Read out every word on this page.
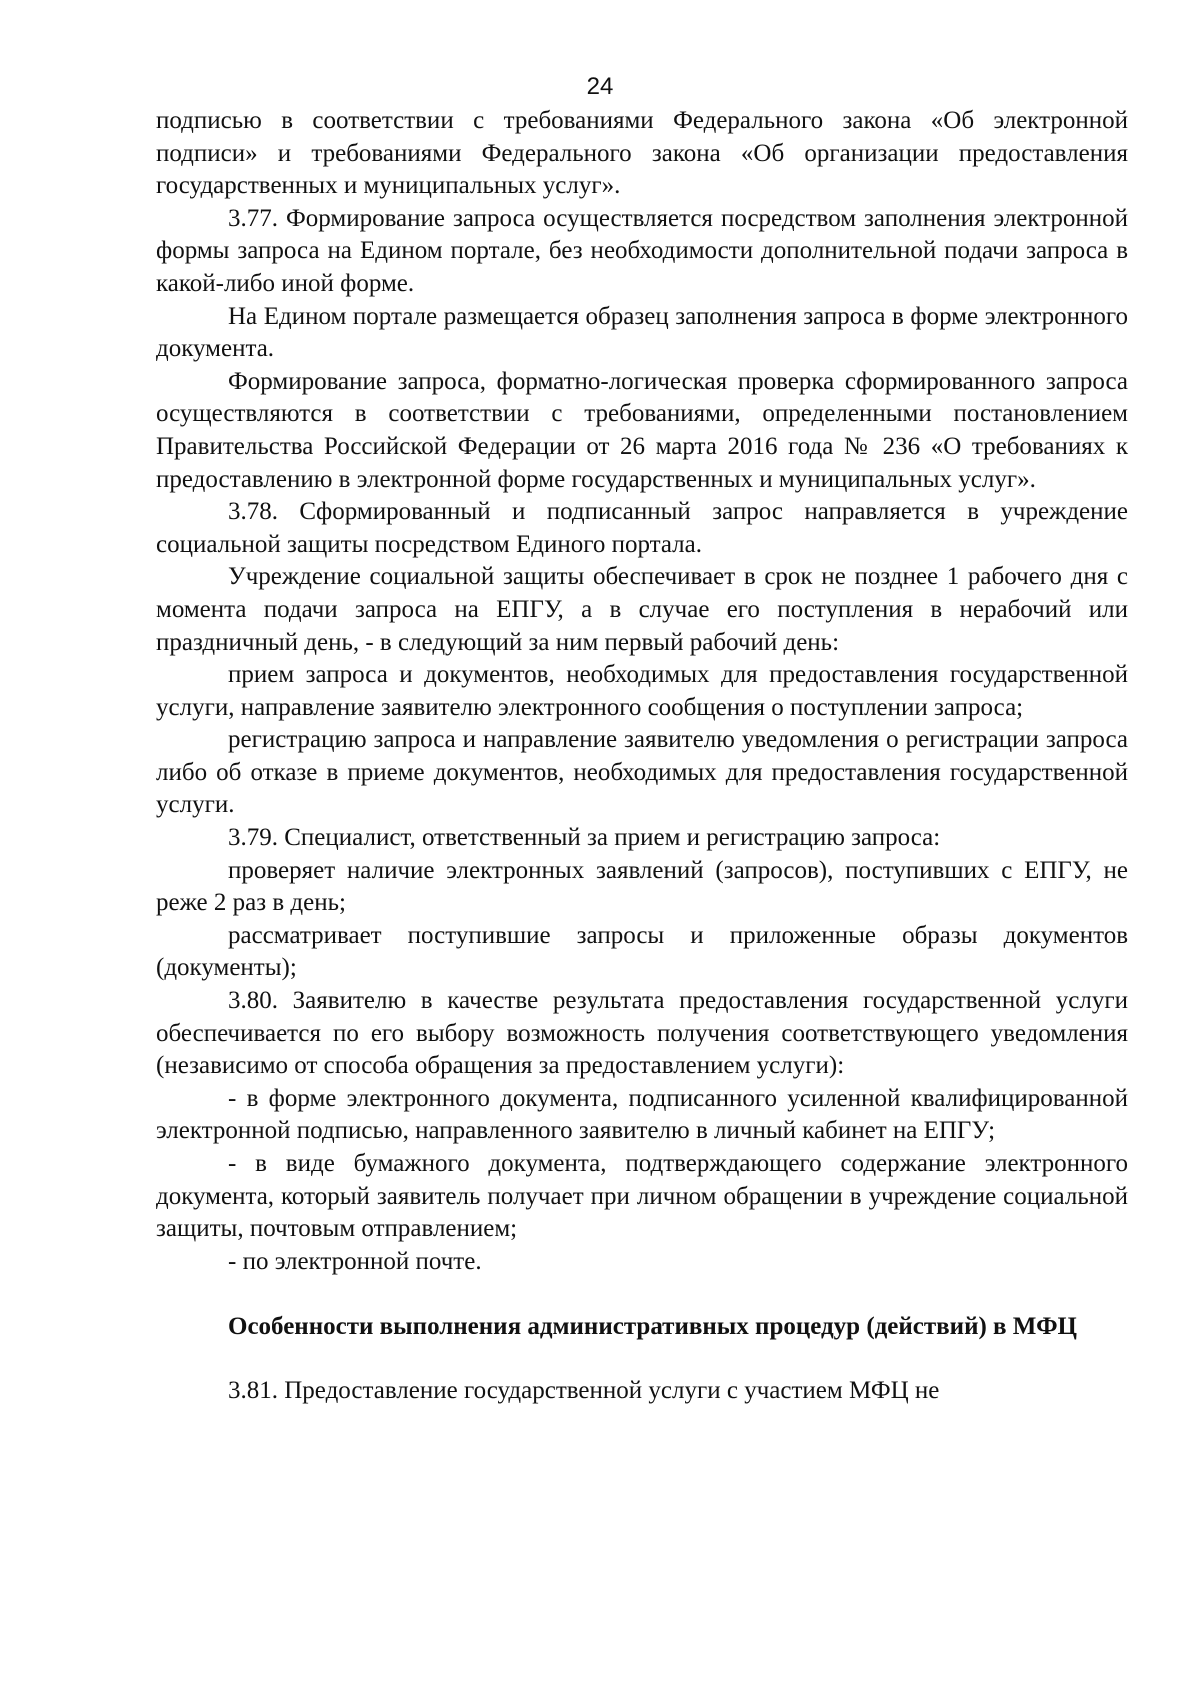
24

подписью в соответствии с требованиями Федерального закона «Об электронной подписи» и требованиями Федерального закона «Об организации предоставления государственных и муниципальных услуг».

3.77. Формирование запроса осуществляется посредством заполнения электронной формы запроса на Едином портале, без необходимости дополнительной подачи запроса в какой-либо иной форме.

На Едином портале размещается образец заполнения запроса в форме электронного документа.

Формирование запроса, форматно-логическая проверка сформированного запроса осуществляются в соответствии с требованиями, определенными постановлением Правительства Российской Федерации от 26 марта 2016 года № 236 «О требованиях к предоставлению в электронной форме государственных и муниципальных услуг».

3.78. Сформированный и подписанный запрос направляется в учреждение социальной защиты посредством Единого портала.

Учреждение социальной защиты обеспечивает в срок не позднее 1 рабочего дня с момента подачи запроса на ЕПГУ, а в случае его поступления в нерабочий или праздничный день, - в следующий за ним первый рабочий день:

прием запроса и документов, необходимых для предоставления государственной услуги, направление заявителю электронного сообщения о поступлении запроса;

регистрацию запроса и направление заявителю уведомления о регистрации запроса либо об отказе в приеме документов, необходимых для предоставления государственной услуги.

3.79. Специалист, ответственный за прием и регистрацию запроса:

проверяет наличие электронных заявлений (запросов), поступивших с ЕПГУ, не реже 2 раз в день;

рассматривает поступившие запросы и приложенные образы документов (документы);

3.80. Заявителю в качестве результата предоставления государственной услуги обеспечивается по его выбору возможность получения соответствующего уведомления (независимо от способа обращения за предоставлением услуги):

- в форме электронного документа, подписанного усиленной квалифицированной электронной подписью, направленного заявителю в личный кабинет на ЕПГУ;

- в виде бумажного документа, подтверждающего содержание электронного документа, который заявитель получает при личном обращении в учреждение социальной защиты, почтовым отправлением;

- по электронной почте.

Особенности выполнения административных процедур (действий) в МФЦ

3.81. Предоставление государственной услуги с участием МФЦ не
